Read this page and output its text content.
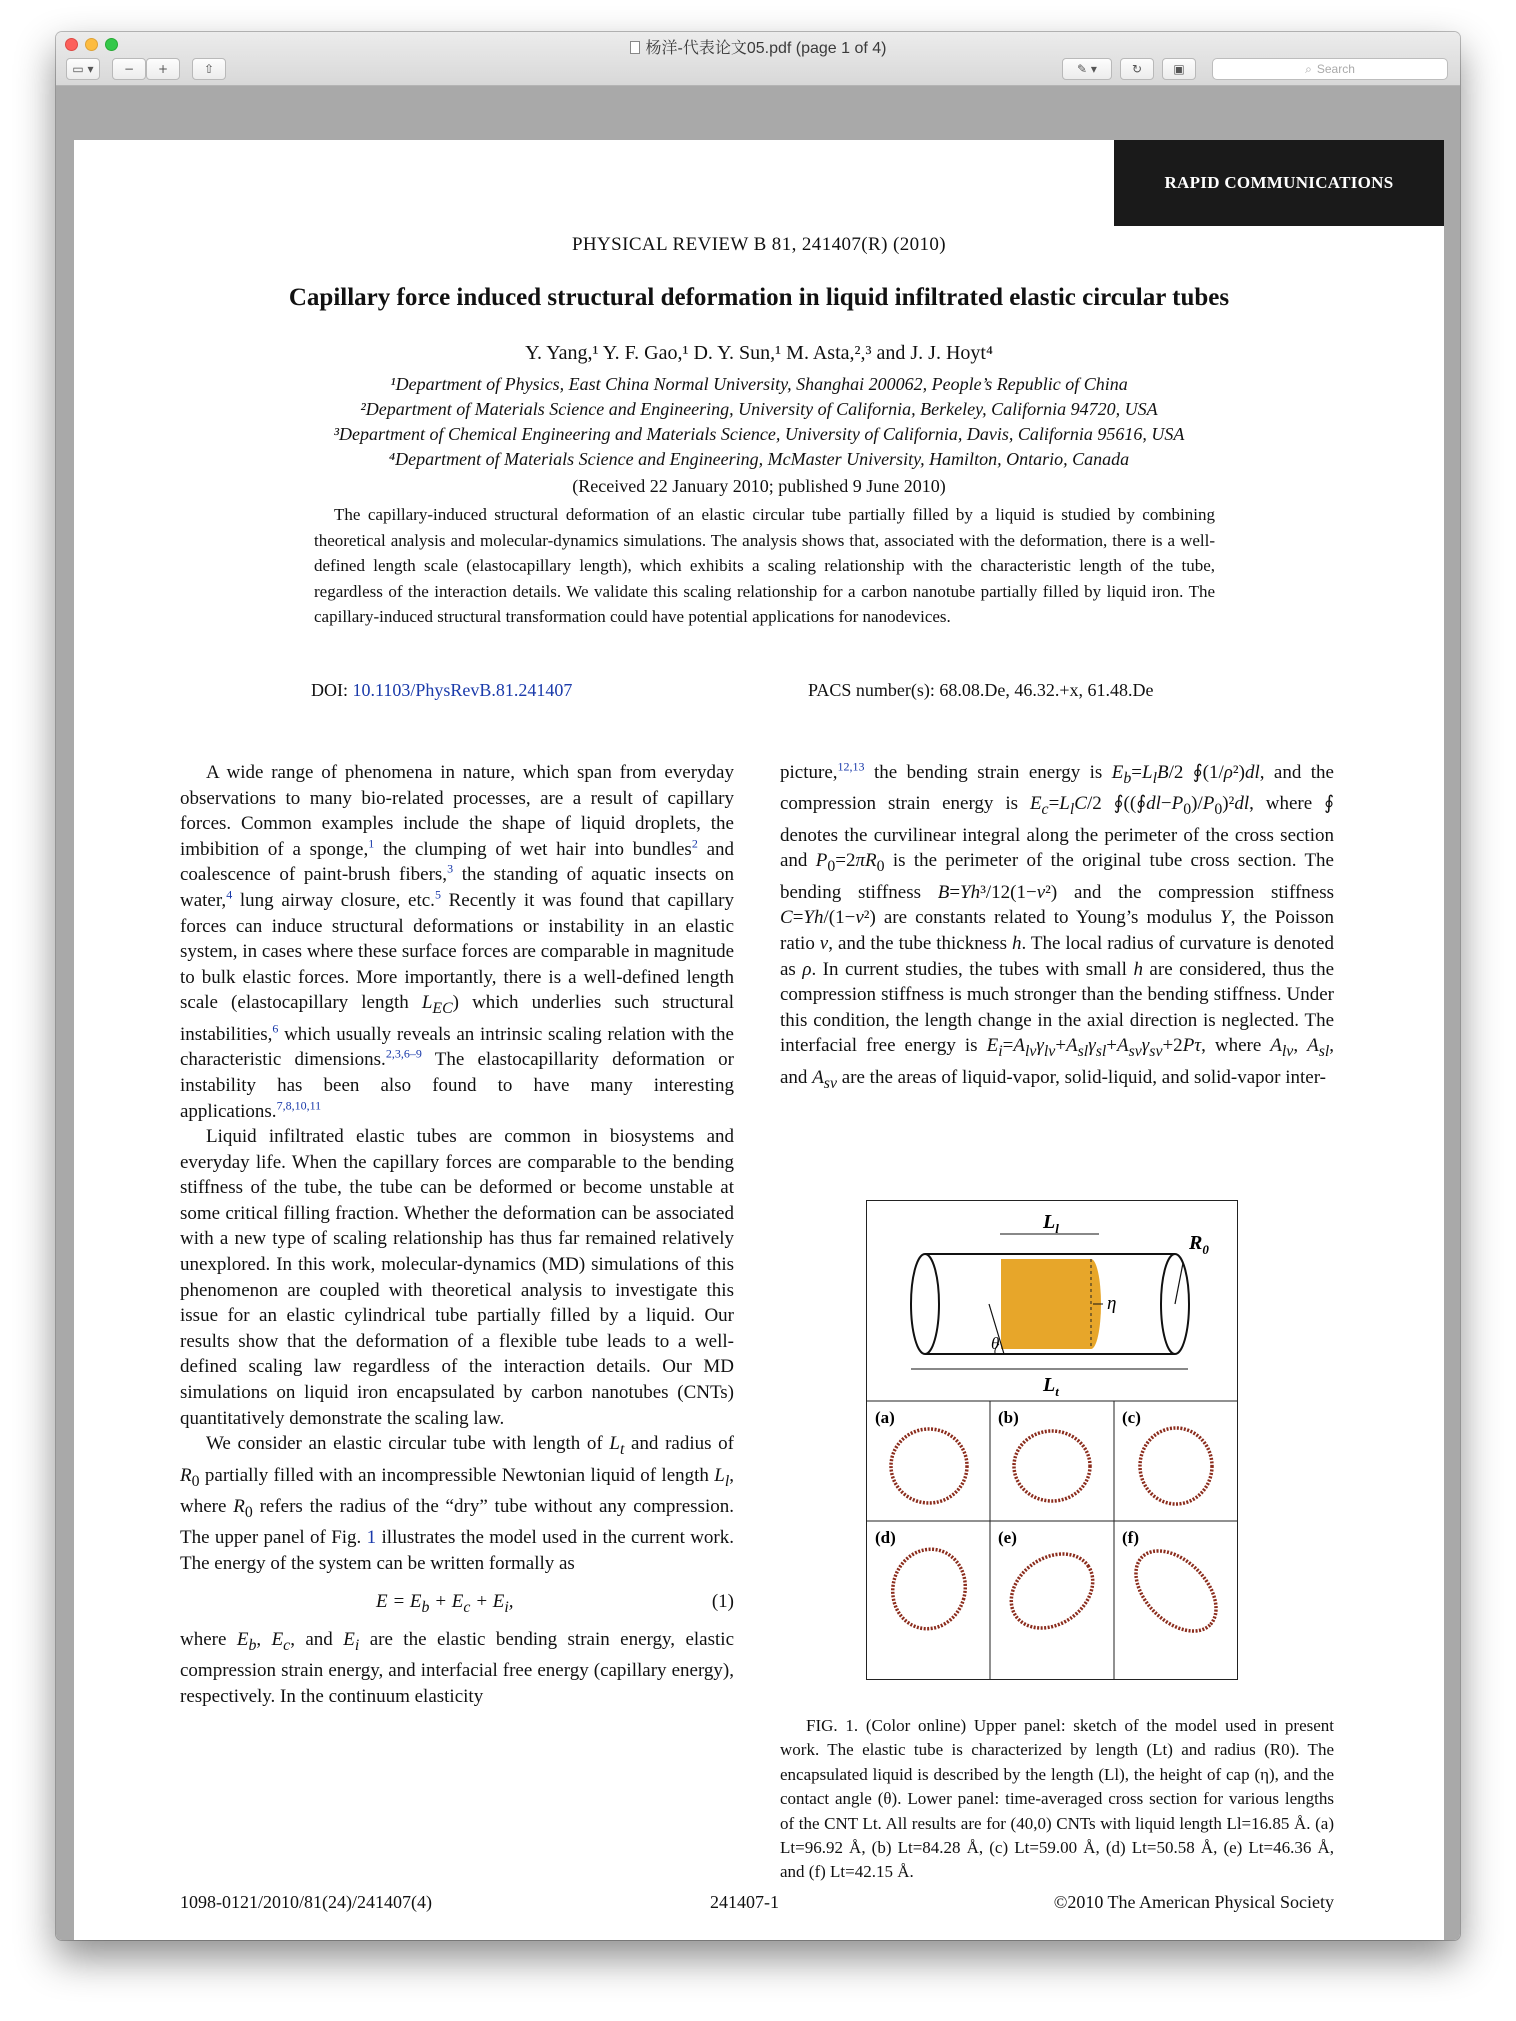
杨洋-代表论文05.pdf (page 1 of 4)
▭ ▾	− +	⇧	✎ ▾	↻	▣	⌕ Search
RAPID COMMUNICATIONS
PHYSICAL REVIEW B 81, 241407(R) (2010)
Capillary force induced structural deformation in liquid infiltrated elastic circular tubes
Y. Yang,¹ Y. F. Gao,¹ D. Y. Sun,¹ M. Asta,²,³ and J. J. Hoyt⁴
¹Department of Physics, East China Normal University, Shanghai 200062, People’s Republic of China
²Department of Materials Science and Engineering, University of California, Berkeley, California 94720, USA
³Department of Chemical Engineering and Materials Science, University of California, Davis, California 95616, USA
⁴Department of Materials Science and Engineering, McMaster University, Hamilton, Ontario, Canada
(Received 22 January 2010; published 9 June 2010)
The capillary-induced structural deformation of an elastic circular tube partially filled by a liquid is studied by combining theoretical analysis and molecular-dynamics simulations. The analysis shows that, associated with the deformation, there is a well-defined length scale (elastocapillary length), which exhibits a scaling relationship with the characteristic length of the tube, regardless of the interaction details. We validate this scaling relationship for a carbon nanotube partially filled by liquid iron. The capillary-induced structural transformation could have potential applications for nanodevices.
DOI: 10.1103/PhysRevB.81.241407	PACS number(s): 68.08.De, 46.32.+x, 61.48.De

A wide range of phenomena in nature, which span from everyday observations to many bio-related processes, are a result of capillary forces. Common examples include the shape of liquid droplets, the imbibition of a sponge,$^1$ the clumping of wet hair into bundles$^2$ and coalescence of paint-brush fibers,$^3$ the standing of aquatic insects on water,$^4$ lung airway closure, etc.$^5$ Recently it was found that capillary forces can induce structural deformations or instability in an elastic system, in cases where these surface forces are comparable in magnitude to bulk elastic forces. More importantly, there is a well-defined length scale (elastocapillary length $L_{EC}$) which underlies such structural instabilities,$^6$ which usually reveals an intrinsic scaling relation with the characteristic dimensions.$^{2,3,6-9}$ The elastocapillarity deformation or instability has been also found to have many interesting applications.$^{7,8,10,11}$

Liquid infiltrated elastic tubes are common in biosystems and everyday life. When the capillary forces are comparable to the bending stiffness of the tube, the tube can be deformed or become unstable at some critical filling fraction. Whether the deformation can be associated with a new type of scaling relationship has thus far remained relatively unexplored. In this work, molecular-dynamics (MD) simulations of this phenomenon are coupled with theoretical analysis to investigate this issue for an elastic cylindrical tube partially filled by a liquid. Our results show that the deformation of a flexible tube leads to a well-defined scaling law regardless of the interaction details. Our MD simulations on liquid iron encapsulated by carbon nanotubes (CNTs) quantitatively demonstrate the scaling law.

We consider an elastic circular tube with length of $L_t$ and radius of $R_0$ partially filled with an incompressible Newtonian liquid of length $L_l$, where $R_0$ refers the radius of the “dry” tube without any compression. The upper panel of Fig. 1 illustrates the model used in the current work. The energy of the system can be written formally as

$E = E_b + E_c + E_i$,	(1)

where $E_b$, $E_c$, and $E_i$ are the elastic bending strain energy, elastic compression strain energy, and interfacial free energy (capillary energy), respectively. In the continuum elasticity

picture,$^{12,13}$ the bending strain energy is $E_b=L_lB/2$ ∮(1/ρ²)dl, and the compression strain energy is $E_c=L_lC/2$ $∮((∮dl-P_0)/P_0)^2dl$, where ∮ denotes the curvilinear integral along the perimeter of the cross section and $P_0=2\pi R_0$ is the perimeter of the original tube cross section. The bending stiffness B=Yh³/12(1−ν²) and the compression stiffness C=Yh/(1−ν²) are constants related to Young’s modulus Y, the Poisson ratio ν, and the tube thickness h. The local radius of curvature is denoted as ρ. In current studies, the tubes with small h are considered, thus the compression stiffness is much stronger than the bending stiffness. Under this condition, the length change in the axial direction is neglected. The interfacial free energy is $E_i=A_{lv}\gamma_{lv}+A_{sl}\gamma_{sl}+A_{sv}\gamma_{sv}+2P\tau$, where $A_{lv}$, $A_{sl}$, and $A_{sv}$ are the areas of liquid-vapor, solid-liquid, and solid-vapor inter-

$L_l$
$L_t$
$R_0$
η
θ
(a)	(b)	(c)
(d)	(e)	(f)
FIG. 1. (Color online) Upper panel: sketch of the model used in present work. The elastic tube is characterized by length (Lt) and radius (R0). The encapsulated liquid is described by the length (Ll), the height of cap (η), and the contact angle (θ). Lower panel: time-averaged cross section for various lengths of the CNT Lt. All results are for (40,0) CNTs with liquid length Ll=16.85 Å. (a) Lt=96.92 Å, (b) Lt=84.28 Å, (c) Lt=59.00 Å, (d) Lt=50.58 Å, (e) Lt=46.36 Å, and (f) Lt=42.15 Å.
1098-0121/2010/81(24)/241407(4)	241407-1	©2010 The American Physical Society
